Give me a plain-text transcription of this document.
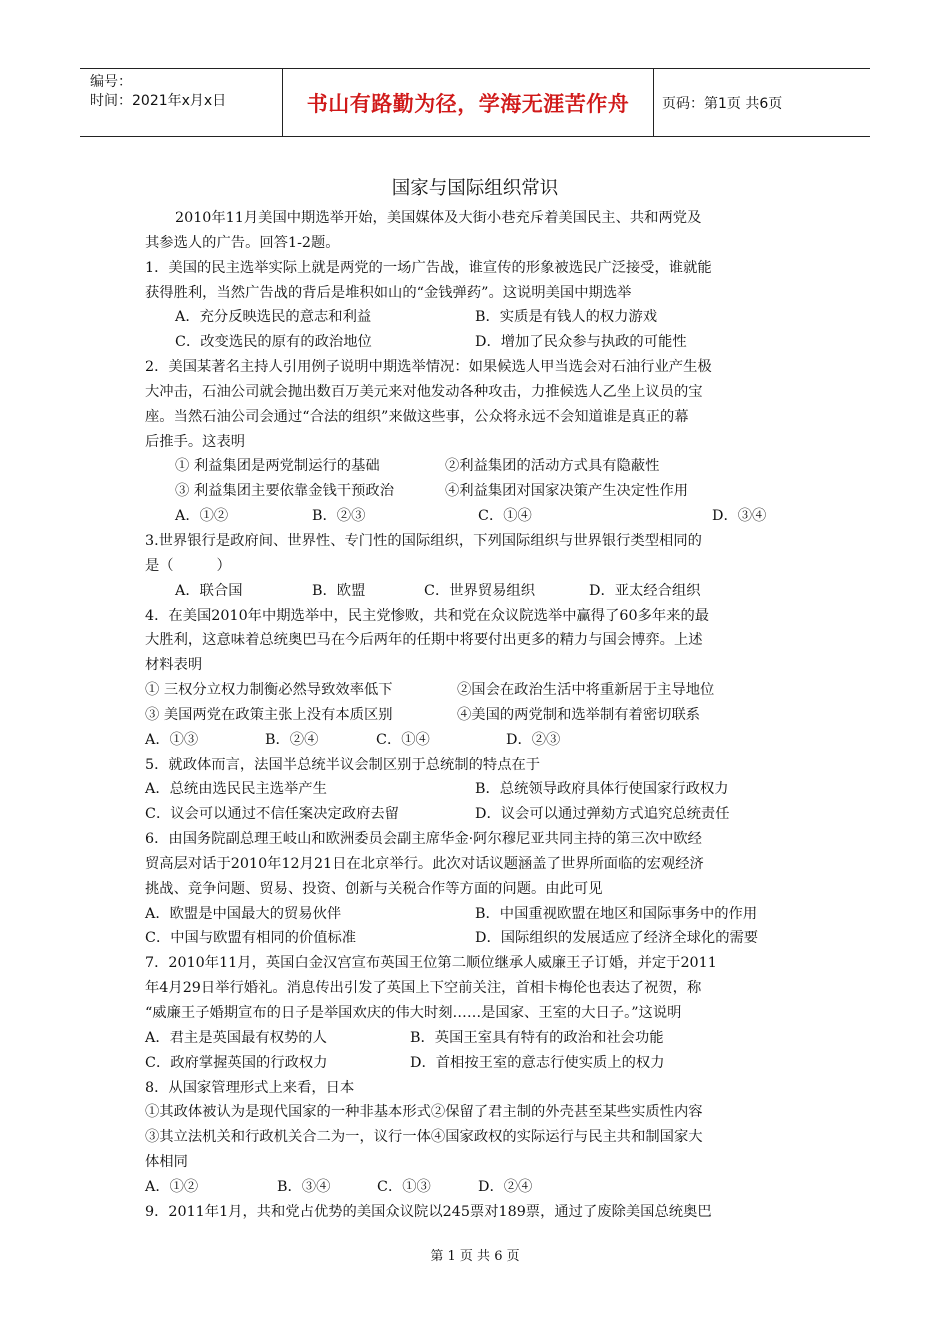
编号：
时间：2021年x月x日	书山有路勤为径，学海无涯苦作舟	页码：第1页 共6页
国家与国际组织常识
2010年11月美国中期选举开始，美国媒体及大街小巷充斥着美国民主、共和两党及
其参选人的广告。回答1-2题。
1．美国的民主选举实际上就是两党的一场广告战，谁宣传的形象被选民广泛接受，谁就能
获得胜利，当然广告战的背后是堆积如山的“金钱弹药”。这说明美国中期选举
A．充分反映选民的意志和利益	B．实质是有钱人的权力游戏
C．改变选民的原有的政治地位	D．增加了民众参与执政的可能性
2．美国某著名主持人引用例子说明中期选举情况：如果候选人甲当选会对石油行业产生极
大冲击，石油公司就会抛出数百万美元来对他发动各种攻击，力推候选人乙坐上议员的宝
座。当然石油公司会通过“合法的组织”来做这些事，公众将永远不会知道谁是真正的幕
后推手。这表明
① 利益集团是两党制运行的基础	②利益集团的活动方式具有隐蔽性
③ 利益集团主要依靠金钱干预政治	④利益集团对国家决策产生决定性作用
A．①②	B．②③	C．①④	D．③④
3.世界银行是政府间、世界性、专门性的国际组织，下列国际组织与世界银行类型相同的
是（　　　）
A．联合国	B．欧盟	C．世界贸易组织	D．亚太经合组织
4．在美国2010年中期选举中，民主党惨败，共和党在众议院选举中赢得了60多年来的最
大胜利，这意味着总统奥巴马在今后两年的任期中将要付出更多的精力与国会博弈。上述
材料表明
① 三权分立权力制衡必然导致效率低下	②国会在政治生活中将重新居于主导地位
③ 美国两党在政策主张上没有本质区别	④美国的两党制和选举制有着密切联系
A．①③	B．②④	C．①④	D．②③
5．就政体而言，法国半总统半议会制区别于总统制的特点在于
A．总统由选民民主选举产生	B．总统领导政府具体行使国家行政权力
C．议会可以通过不信任案决定政府去留	D．议会可以通过弹劾方式追究总统责任
6．由国务院副总理王岐山和欧洲委员会副主席华金·阿尔穆尼亚共同主持的第三次中欧经
贸高层对话于2010年12月21日在北京举行。此次对话议题涵盖了世界所面临的宏观经济
挑战、竞争问题、贸易、投资、创新与关税合作等方面的问题。由此可见
A．欧盟是中国最大的贸易伙伴	B．中国重视欧盟在地区和国际事务中的作用
C．中国与欧盟有相同的价值标准	D．国际组织的发展适应了经济全球化的需要
7．2010年11月，英国白金汉宫宣布英国王位第二顺位继承人威廉王子订婚，并定于2011
年4月29日举行婚礼。消息传出引发了英国上下空前关注，首相卡梅伦也表达了祝贺，称
“威廉王子婚期宣布的日子是举国欢庆的伟大时刻……是国家、王室的大日子。”这说明
A．君主是英国最有权势的人	B．英国王室具有特有的政治和社会功能
C．政府掌握英国的行政权力	D．首相按王室的意志行使实质上的权力
8．从国家管理形式上来看，日本
①其政体被认为是现代国家的一种非基本形式②保留了君主制的外壳甚至某些实质性内容
③其立法机关和行政机关合二为一，议行一体④国家政权的实际运行与民主共和制国家大
体相同
A．①②	B．③④	C．①③	D．②④
9．2011年1月，共和党占优势的美国众议院以245票对189票，通过了废除美国总统奥巴
第 1 页 共 6 页
